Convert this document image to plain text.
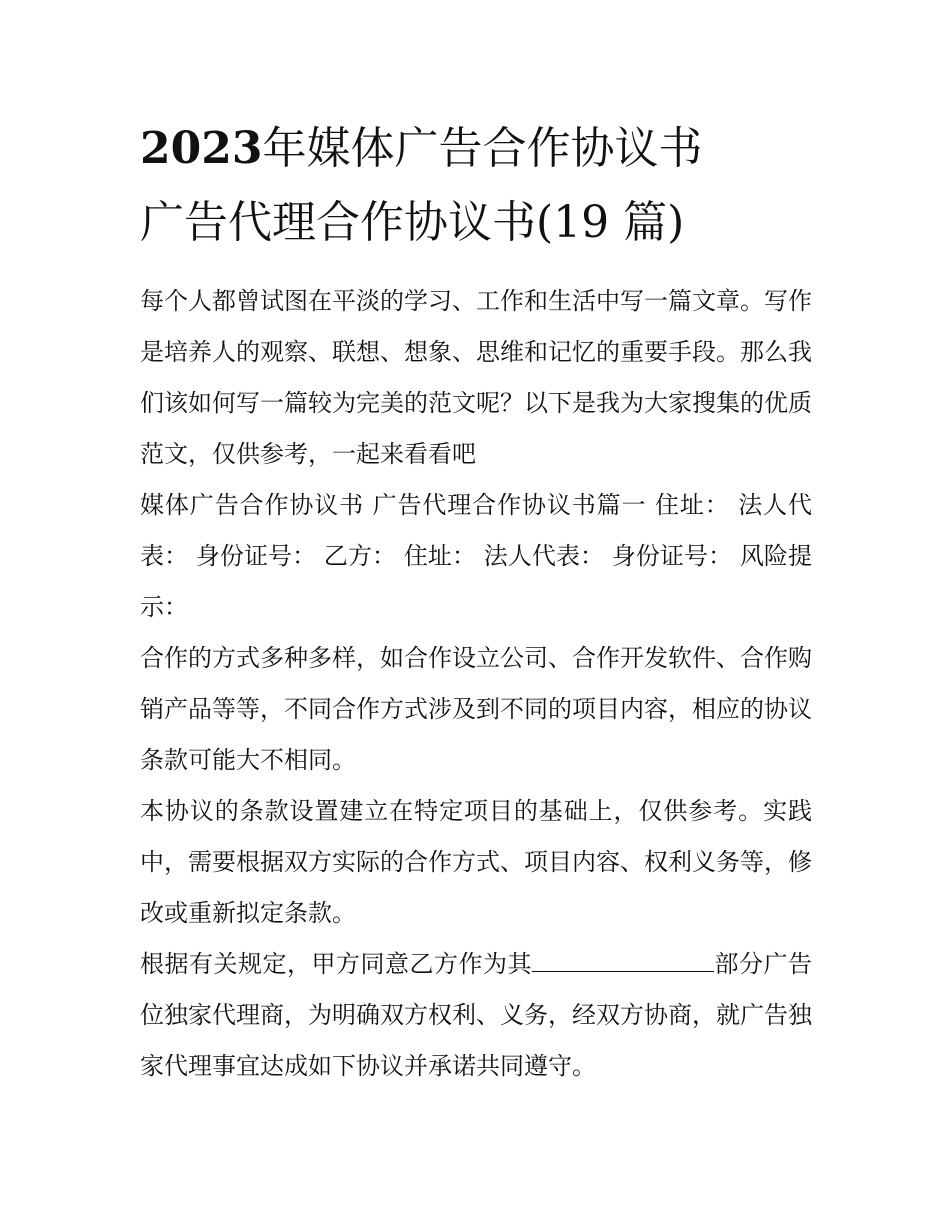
2023年媒体广告合作协议书
广告代理合作协议书(19 篇)

每个人都曾试图在平淡的学习、工作和生活中写一篇文章。写作是培养人的观察、联想、想象、思维和记忆的重要手段。那么我们该如何写一篇较为完美的范文呢？以下是我为大家搜集的优质范文，仅供参考，一起来看看吧

媒体广告合作协议书 广告代理合作协议书篇一 住址： 法人代表： 身份证号： 乙方： 住址： 法人代表： 身份证号： 风险提示：

合作的方式多种多样，如合作设立公司、合作开发软件、合作购销产品等等，不同合作方式涉及到不同的项目内容，相应的协议条款可能大不相同。

本协议的条款设置建立在特定项目的基础上，仅供参考。实践中，需要根据双方实际的合作方式、项目内容、权利义务等，修改或重新拟定条款。

根据有关规定，甲方同意乙方作为其	部分广告位独家代理商，为明确双方权利、义务，经双方协商，就广告独家代理事宜达成如下协议并承诺共同遵守。
